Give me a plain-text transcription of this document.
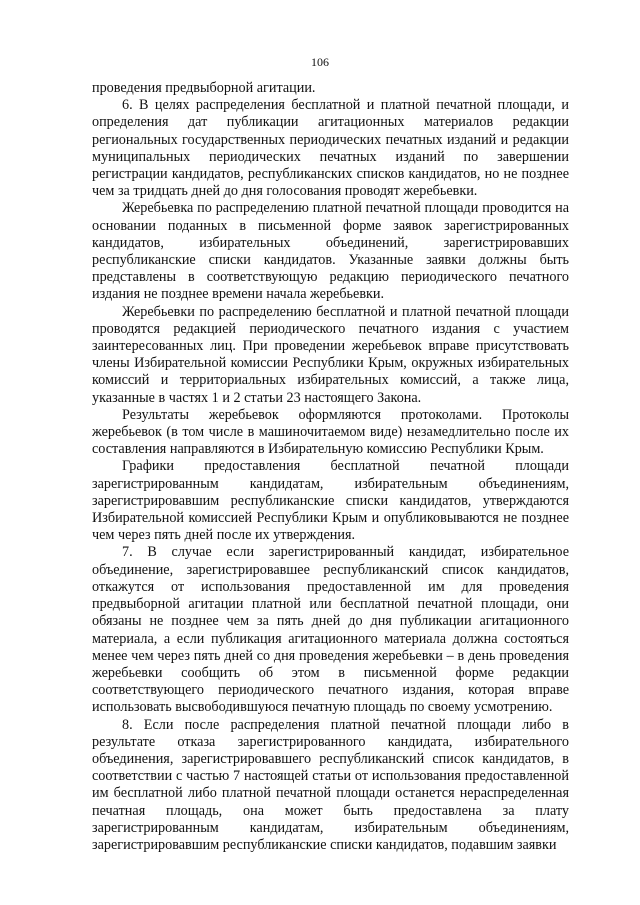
106

проведения предвыборной агитации.

6. В целях распределения бесплатной и платной печатной площади, и определения дат публикации агитационных материалов редакции региональных государственных периодических печатных изданий и редакции муниципальных периодических печатных изданий по завершении регистрации кандидатов, республиканских списков кандидатов, но не позднее чем за тридцать дней до дня голосования проводят жеребьевки.

Жеребьевка по распределению платной печатной площади проводится на основании поданных в письменной форме заявок зарегистрированных кандидатов, избирательных объединений, зарегистрировавших республиканские списки кандидатов. Указанные заявки должны быть представлены в соответствующую редакцию периодического печатного издания не позднее времени начала жеребьевки.

Жеребьевки по распределению бесплатной и платной печатной площади проводятся редакцией периодического печатного издания с участием заинтересованных лиц. При проведении жеребьевок вправе присутствовать члены Избирательной комиссии Республики Крым, окружных избирательных комиссий и территориальных избирательных комиссий, а также лица, указанные в частях 1 и 2 статьи 23 настоящего Закона.

Результаты жеребьевок оформляются протоколами. Протоколы жеребьевок (в том числе в машиночитаемом виде) незамедлительно после их составления направляются в Избирательную комиссию Республики Крым.

Графики предоставления бесплатной печатной площади зарегистрированным кандидатам, избирательным объединениям, зарегистрировавшим республиканские списки кандидатов, утверждаются Избирательной комиссией Республики Крым и опубликовываются не позднее чем через пять дней после их утверждения.

7. В случае если зарегистрированный кандидат, избирательное объединение, зарегистрировавшее республиканский список кандидатов, откажутся от использования предоставленной им для проведения предвыборной агитации платной или бесплатной печатной площади, они обязаны не позднее чем за пять дней до дня публикации агитационного материала, а если публикация агитационного материала должна состояться менее чем через пять дней со дня проведения жеребьевки – в день проведения жеребьевки сообщить об этом в письменной форме редакции соответствующего периодического печатного издания, которая вправе использовать высвободившуюся печатную площадь по своему усмотрению.

8. Если после распределения платной печатной площади либо в результате отказа зарегистрированного кандидата, избирательного объединения, зарегистрировавшего республиканский список кандидатов, в соответствии с частью 7 настоящей статьи от использования предоставленной им бесплатной либо платной печатной площади останется нераспределенная печатная площадь, она может быть предоставлена за плату зарегистрированным кандидатам, избирательным объединениям, зарегистрировавшим республиканские списки кандидатов, подавшим заявки
